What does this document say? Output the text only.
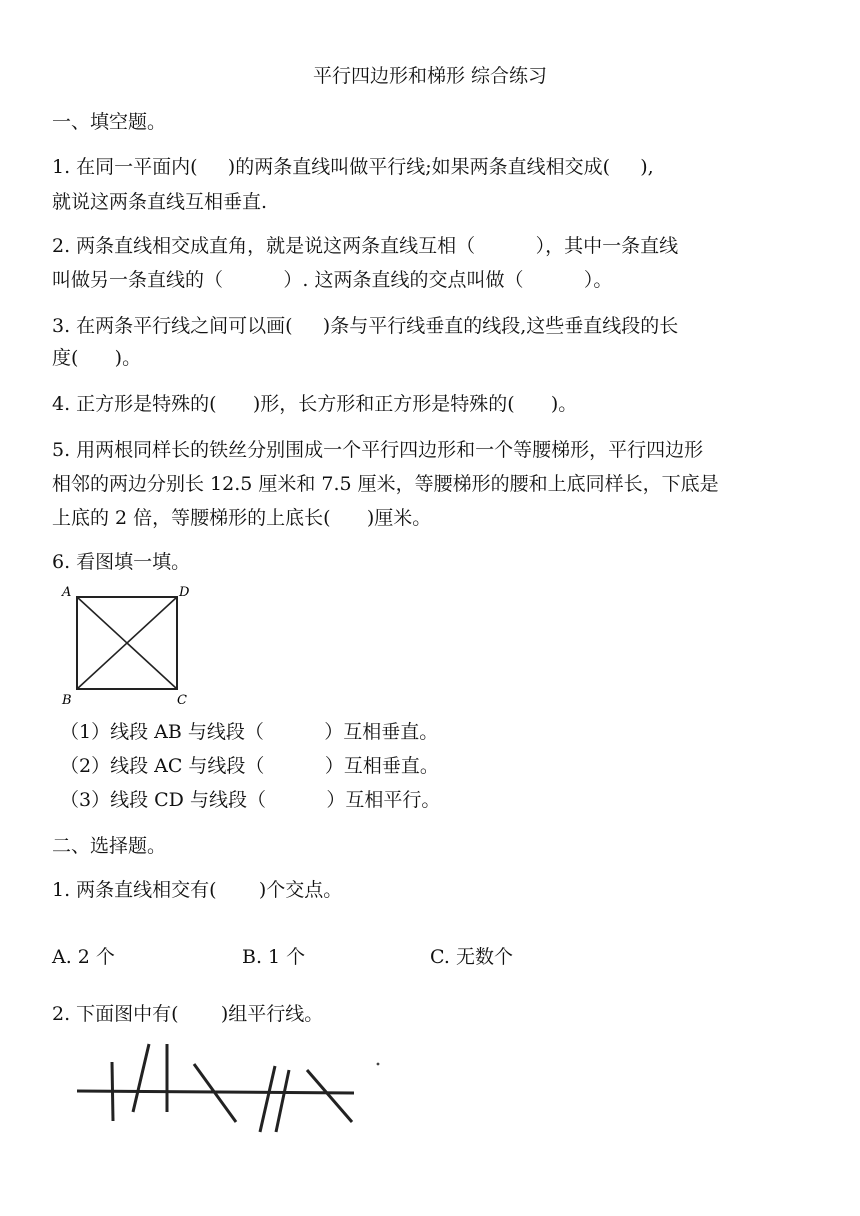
平行四边形和梯形 综合练习
一、填空题。
1. 在同一平面内(     )的两条直线叫做平行线;如果两条直线相交成(     ),
就说这两条直线互相垂直.
2. 两条直线相交成直角，就是说这两条直线互相（          ），其中一条直线
叫做另一条直线的（          ）. 这两条直线的交点叫做（          ）。
3. 在两条平行线之间可以画(     )条与平行线垂直的线段,这些垂直线段的长
度(      )。
4. 正方形是特殊的(      )形，长方形和正方形是特殊的(      )。
5. 用两根同样长的铁丝分别围成一个平行四边形和一个等腰梯形，平行四边形
相邻的两边分别长 12.5 厘米和 7.5 厘米，等腰梯形的腰和上底同样长，下底是
上底的 2 倍，等腰梯形的上底长(      )厘米。
6. 看图填一填。
A	D
B	C
（1）线段 AB 与线段（          ）互相垂直。
（2）线段 AC 与线段（          ）互相垂直。
（3）线段 CD 与线段（          ）互相平行。
二、选择题。
1. 两条直线相交有(       )个交点。
A. 2 个	B. 1 个	C. 无数个
2. 下面图中有(       )组平行线。
